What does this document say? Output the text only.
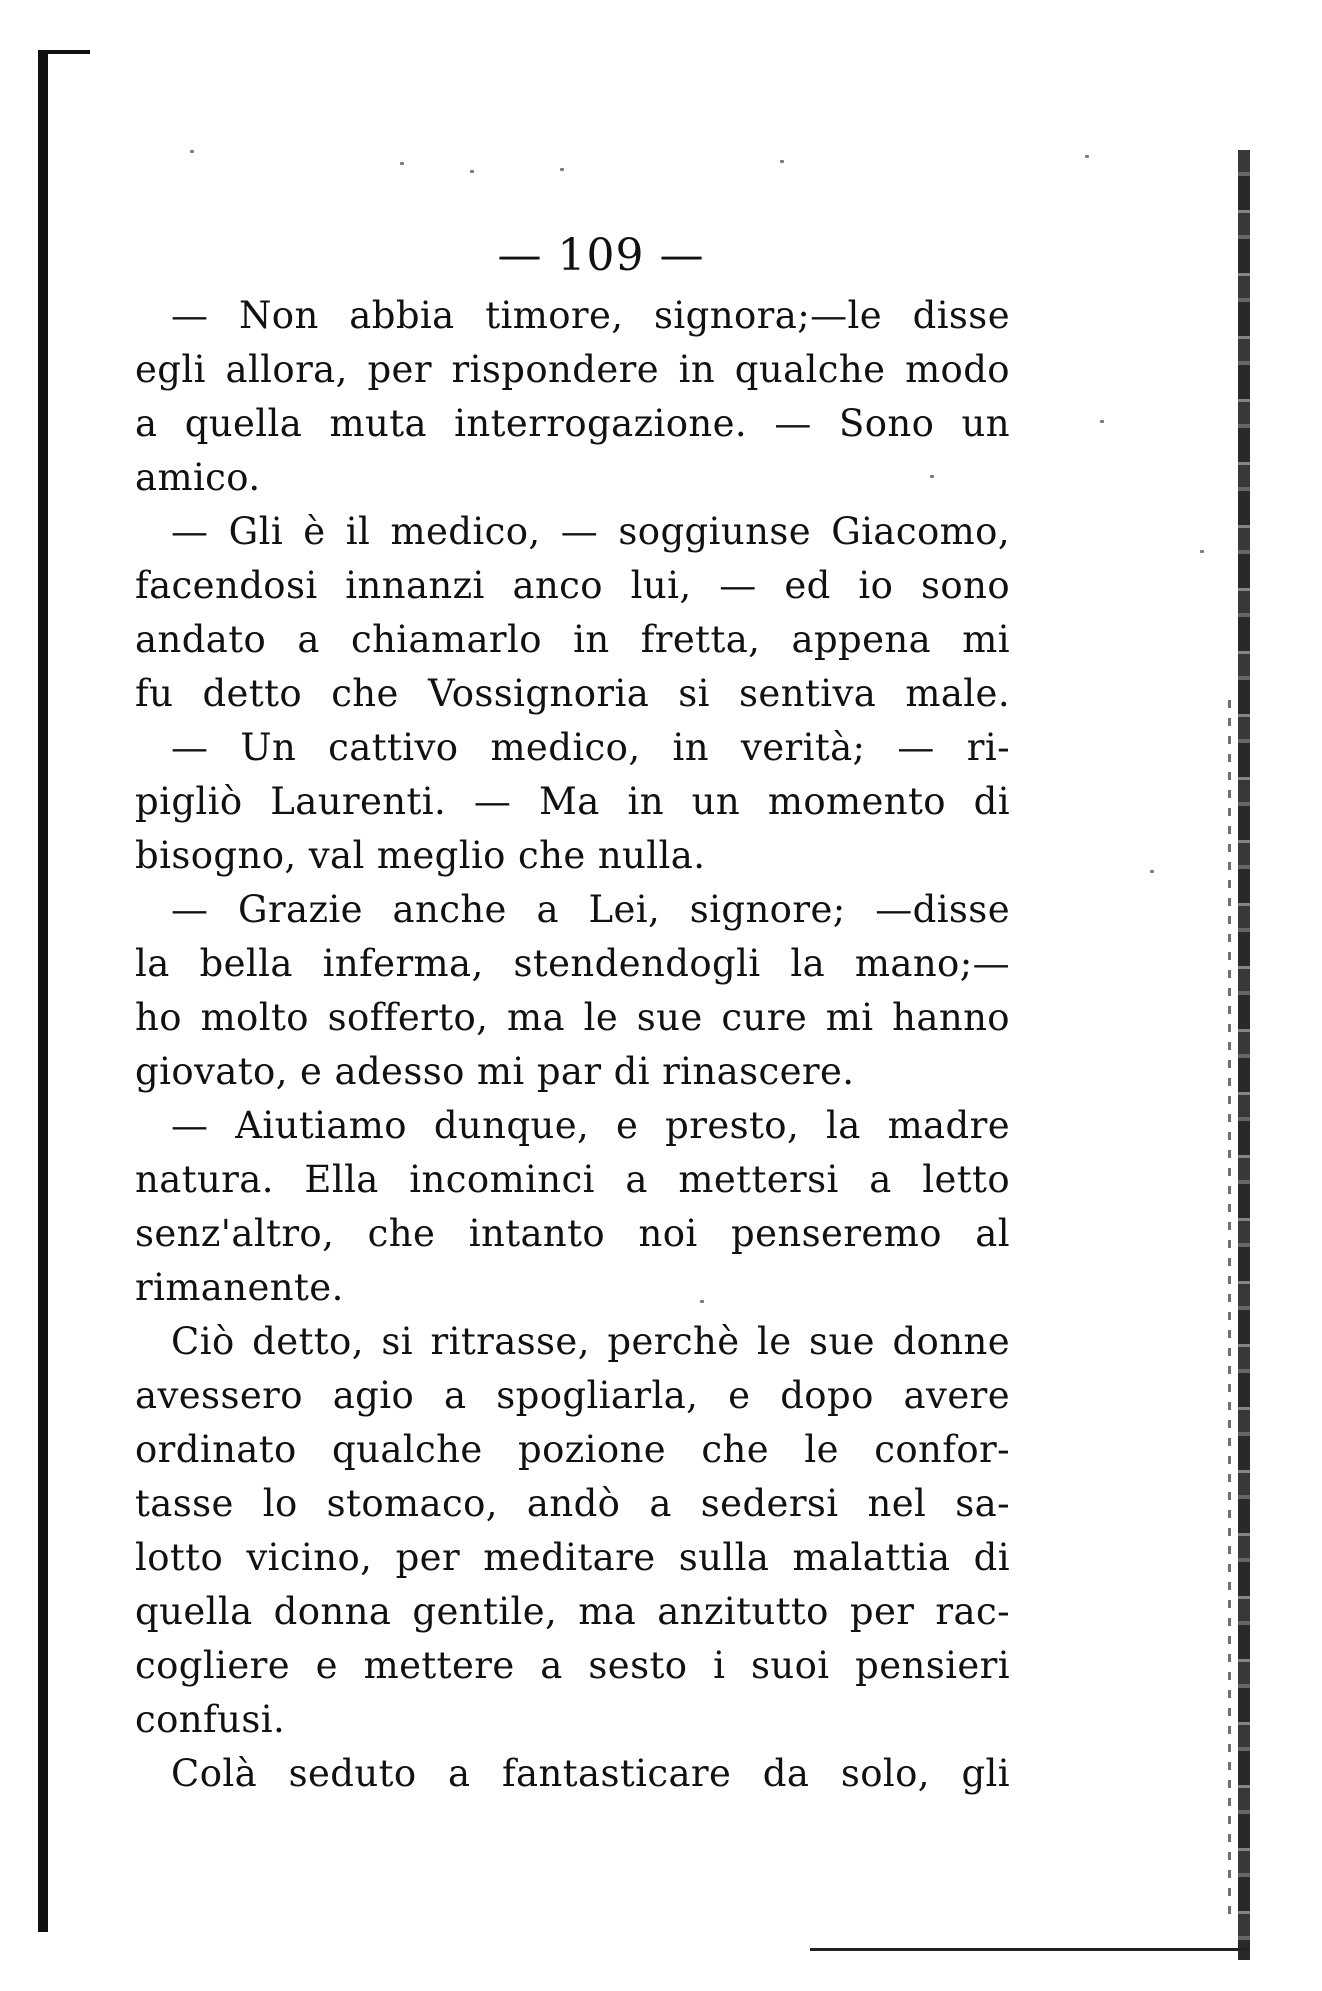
— 109 —
— Non abbia timore, signora;—le disse
egli allora, per rispondere in qualche modo
a quella muta interrogazione. — Sono un
amico.
— Gli è il medico, — soggiunse Giacomo,
facendosi innanzi anco lui, — ed io sono
andato a chiamarlo in fretta, appena mi
fu detto che Vossignoria si sentiva male.
— Un cattivo medico, in verità; — ri-
pigliò Laurenti. — Ma in un momento di
bisogno, val meglio che nulla.
— Grazie anche a Lei, signore; —disse
la bella inferma, stendendogli la mano;—
ho molto sofferto, ma le sue cure mi hanno
giovato, e adesso mi par di rinascere.
— Aiutiamo dunque, e presto, la madre
natura. Ella incominci a mettersi a letto
senz'altro, che intanto noi penseremo al
rimanente.
Ciò detto, si ritrasse, perchè le sue donne
avessero agio a spogliarla, e dopo avere
ordinato qualche pozione che le confor-
tasse lo stomaco, andò a sedersi nel sa-
lotto vicino, per meditare sulla malattia di
quella donna gentile, ma anzitutto per rac-
cogliere e mettere a sesto i suoi pensieri
confusi.
Colà seduto a fantasticare da solo, gli
